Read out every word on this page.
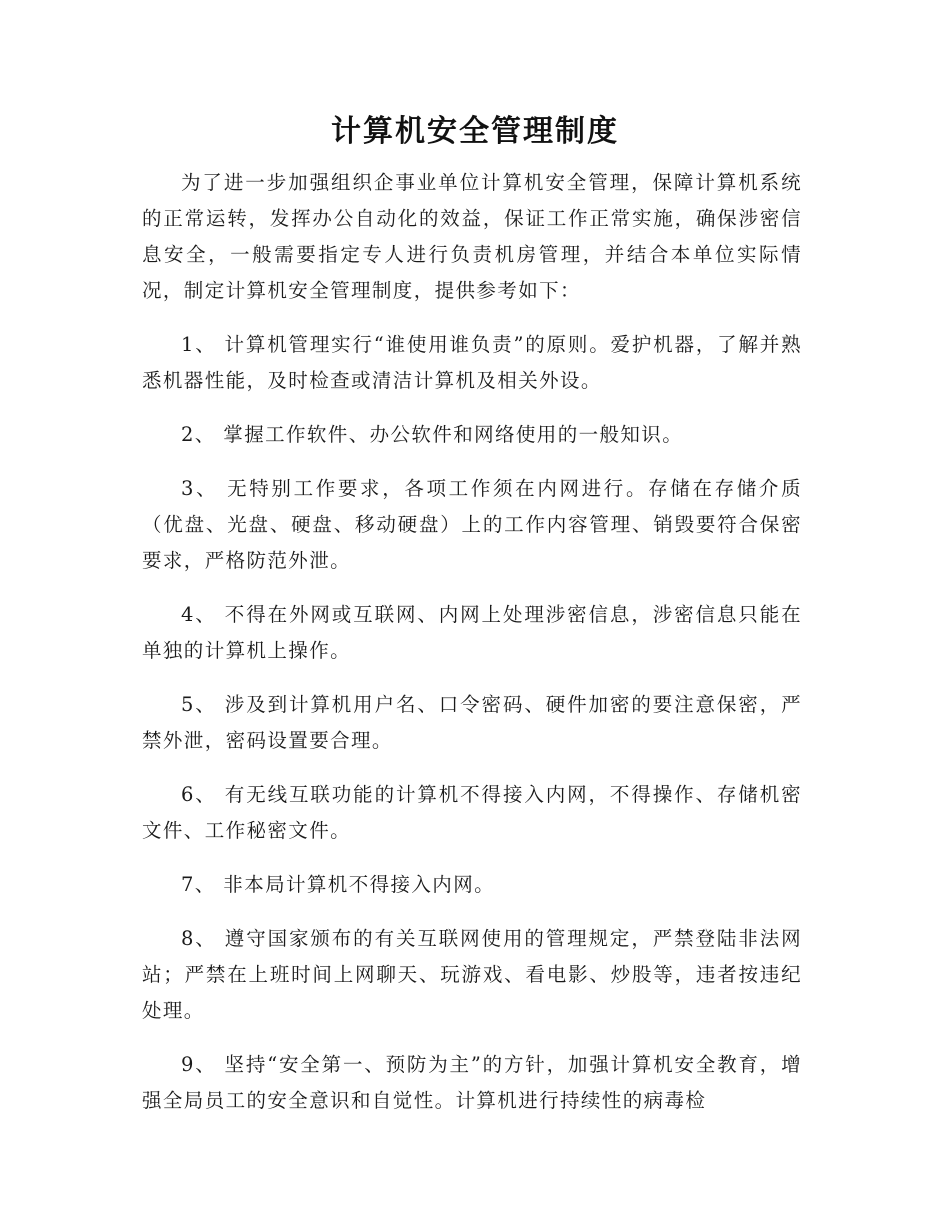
计算机安全管理制度

为了进一步加强组织企事业单位计算机安全管理，保障计算机系统的正常运转，发挥办公自动化的效益，保证工作正常实施，确保涉密信息安全，一般需要指定专人进行负责机房管理，并结合本单位实际情况，制定计算机安全管理制度，提供参考如下：

1、 计算机管理实行“谁使用谁负责”的原则。爱护机器，了解并熟悉机器性能，及时检查或清洁计算机及相关外设。

2、 掌握工作软件、办公软件和网络使用的一般知识。

3、 无特别工作要求，各项工作须在内网进行。存储在存储介质（优盘、光盘、硬盘、移动硬盘）上的工作内容管理、销毁要符合保密要求，严格防范外泄。

4、 不得在外网或互联网、内网上处理涉密信息，涉密信息只能在单独的计算机上操作。

5、 涉及到计算机用户名、口令密码、硬件加密的要注意保密，严禁外泄，密码设置要合理。

6、 有无线互联功能的计算机不得接入内网，不得操作、存储机密文件、工作秘密文件。

7、 非本局计算机不得接入内网。

8、 遵守国家颁布的有关互联网使用的管理规定，严禁登陆非法网站；严禁在上班时间上网聊天、玩游戏、看电影、炒股等，违者按违纪处理。

9、 坚持“安全第一、预防为主”的方针，加强计算机安全教育，增强全局员工的安全意识和自觉性。计算机进行持续性的病毒检
